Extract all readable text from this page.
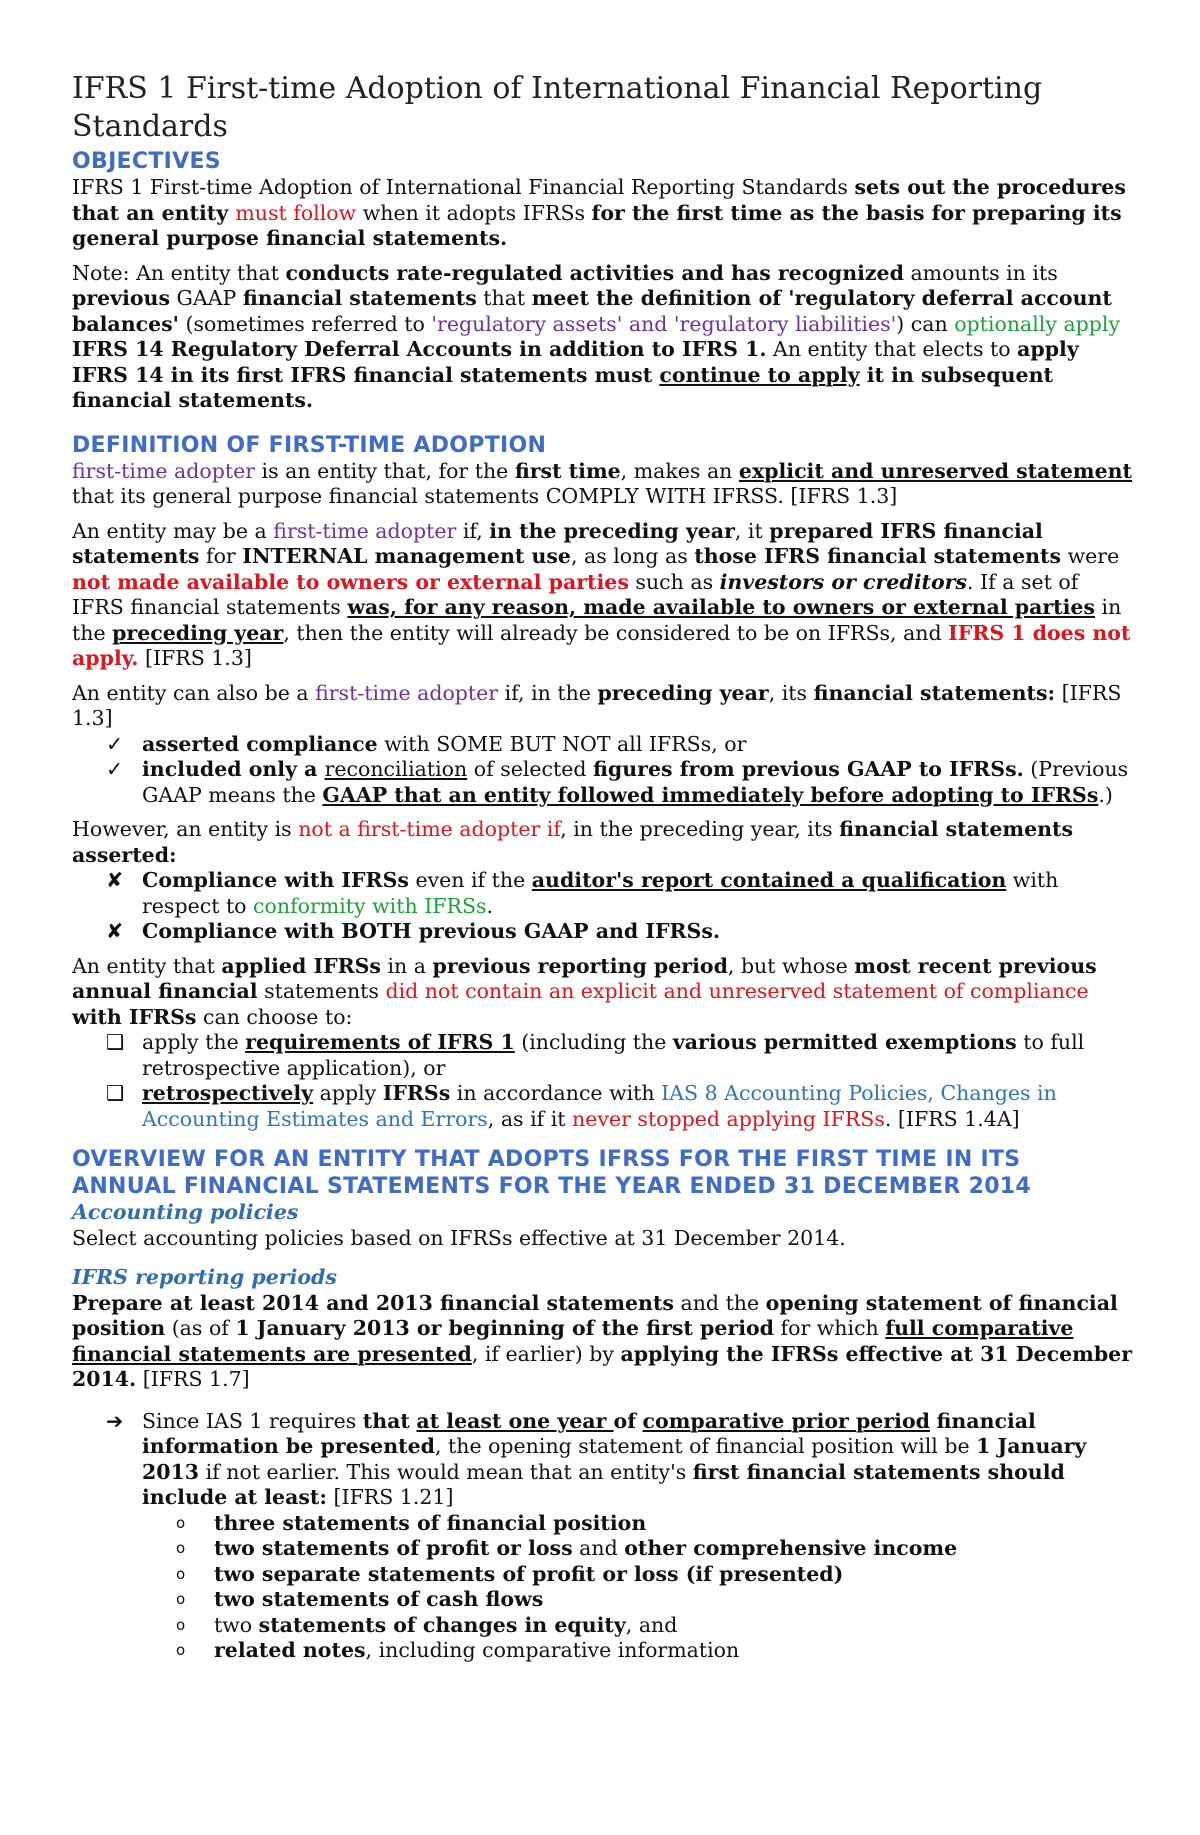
IFRS 1 First-time Adoption of International Financial Reporting Standards
OBJECTIVES

IFRS 1 First-time Adoption of International Financial Reporting Standards sets out the procedures that an entity must follow when it adopts IFRSs for the first time as the basis for preparing its general purpose financial statements.

Note: An entity that conducts rate-regulated activities and has recognized amounts in its previous GAAP financial statements that meet the definition of 'regulatory deferral account balances' (sometimes referred to 'regulatory assets' and 'regulatory liabilities') can optionally apply IFRS 14 Regulatory Deferral Accounts in addition to IFRS 1. An entity that elects to apply IFRS 14 in its first IFRS financial statements must continue to apply it in subsequent financial statements.

DEFINITION OF FIRST-TIME ADOPTION

first-time adopter is an entity that, for the first time, makes an explicit and unreserved statement that its general purpose financial statements COMPLY WITH IFRSS. [IFRS 1.3]

An entity may be a first-time adopter if, in the preceding year, it prepared IFRS financial statements for INTERNAL management use, as long as those IFRS financial statements were not made available to owners or external parties such as investors or creditors. If a set of IFRS financial statements was, for any reason, made available to owners or external parties in the preceding year, then the entity will already be considered to be on IFRSs, and IFRS 1 does not apply. [IFRS 1.3]

An entity can also be a first-time adopter if, in the preceding year, its financial statements: [IFRS 1.3]

✓ asserted compliance with SOME BUT NOT all IFRSs, or
✓ included only a reconciliation of selected figures from previous GAAP to IFRSs. (Previous GAAP means the GAAP that an entity followed immediately before adopting to IFRSs.)

However, an entity is not a first-time adopter if, in the preceding year, its financial statements asserted:

✘ Compliance with IFRSs even if the auditor's report contained a qualification with respect to conformity with IFRSs.
✘ Compliance with BOTH previous GAAP and IFRSs.

An entity that applied IFRSs in a previous reporting period, but whose most recent previous annual financial statements did not contain an explicit and unreserved statement of compliance with IFRSs can choose to:

❑ apply the requirements of IFRS 1 (including the various permitted exemptions to full retrospective application), or
❑ retrospectively apply IFRSs in accordance with IAS 8 Accounting Policies, Changes in Accounting Estimates and Errors, as if it never stopped applying IFRSs. [IFRS 1.4A]
OVERVIEW FOR AN ENTITY THAT ADOPTS IFRSS FOR THE FIRST TIME IN ITS ANNUAL FINANCIAL STATEMENTS FOR THE YEAR ENDED 31 DECEMBER 2014
Accounting policies

Select accounting policies based on IFRSs effective at 31 December 2014.

IFRS reporting periods

Prepare at least 2014 and 2013 financial statements and the opening statement of financial position (as of 1 January 2013 or beginning of the first period for which full comparative financial statements are presented, if earlier) by applying the IFRSs effective at 31 December 2014. [IFRS 1.7]

➔ Since IAS 1 requires that at least one year of comparative prior period financial information be presented, the opening statement of financial position will be 1 January 2013 if not earlier. This would mean that an entity's first financial statements should include at least: [IFRS 1.21]
o	three statements of financial position
o	two statements of profit or loss and other comprehensive income
o	two separate statements of profit or loss (if presented)
o	two statements of cash flows
o	two statements of changes in equity, and
o	related notes, including comparative information
